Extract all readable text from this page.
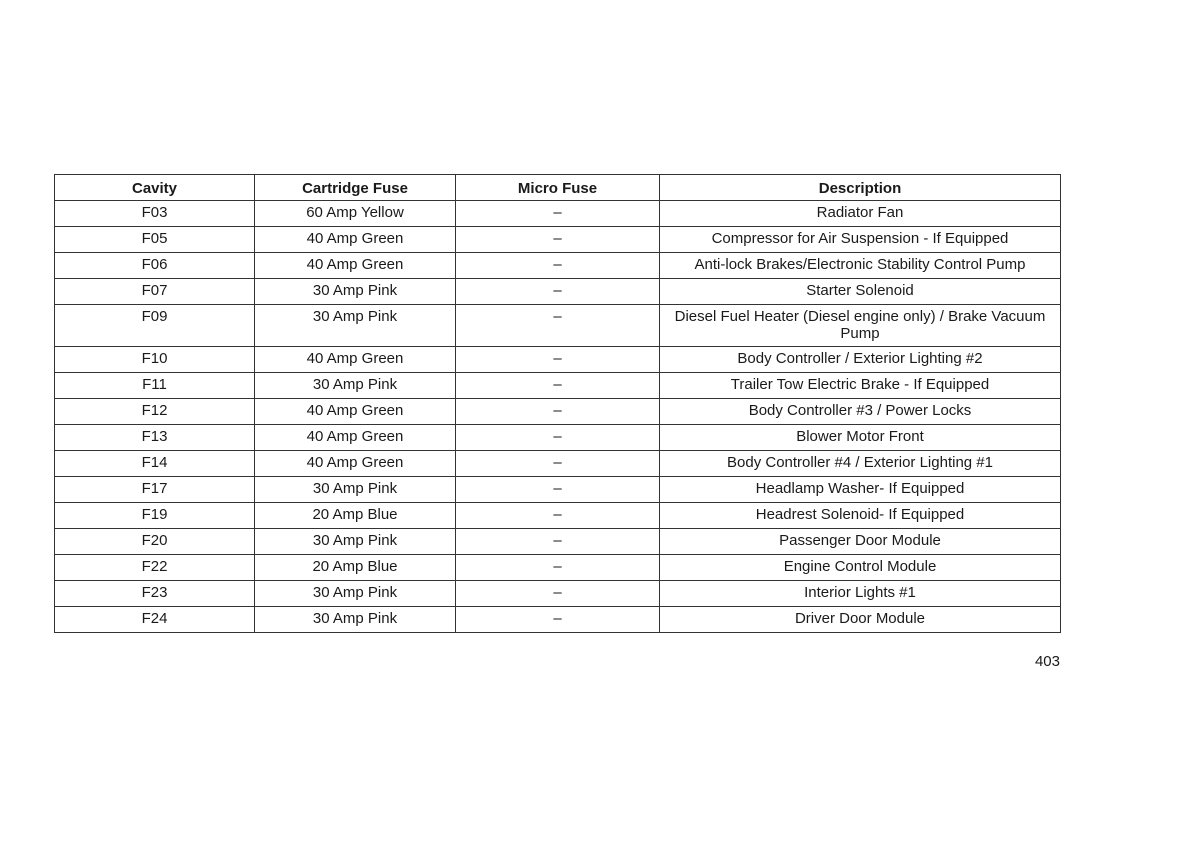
Cavity	Cartridge Fuse	Micro Fuse	Description
F03	60 Amp Yellow	–	Radiator Fan
F05	40 Amp Green	–	Compressor for Air Suspension - If Equipped
F06	40 Amp Green	–	Anti-lock Brakes/Electronic Stability Control Pump
F07	30 Amp Pink	–	Starter Solenoid
F09	30 Amp Pink	–	Diesel Fuel Heater (Diesel engine only) / Brake Vacuum Pump
F10	40 Amp Green	–	Body Controller / Exterior Lighting #2
F11	30 Amp Pink	–	Trailer Tow Electric Brake - If Equipped
F12	40 Amp Green	–	Body Controller #3 / Power Locks
F13	40 Amp Green	–	Blower Motor Front
F14	40 Amp Green	–	Body Controller #4 / Exterior Lighting #1
F17	30 Amp Pink	–	Headlamp Washer- If Equipped
F19	20 Amp Blue	–	Headrest Solenoid- If Equipped
F20	30 Amp Pink	–	Passenger Door Module
F22	20 Amp Blue	–	Engine Control Module
F23	30 Amp Pink	–	Interior Lights #1
F24	30 Amp Pink	–	Driver Door Module
403
